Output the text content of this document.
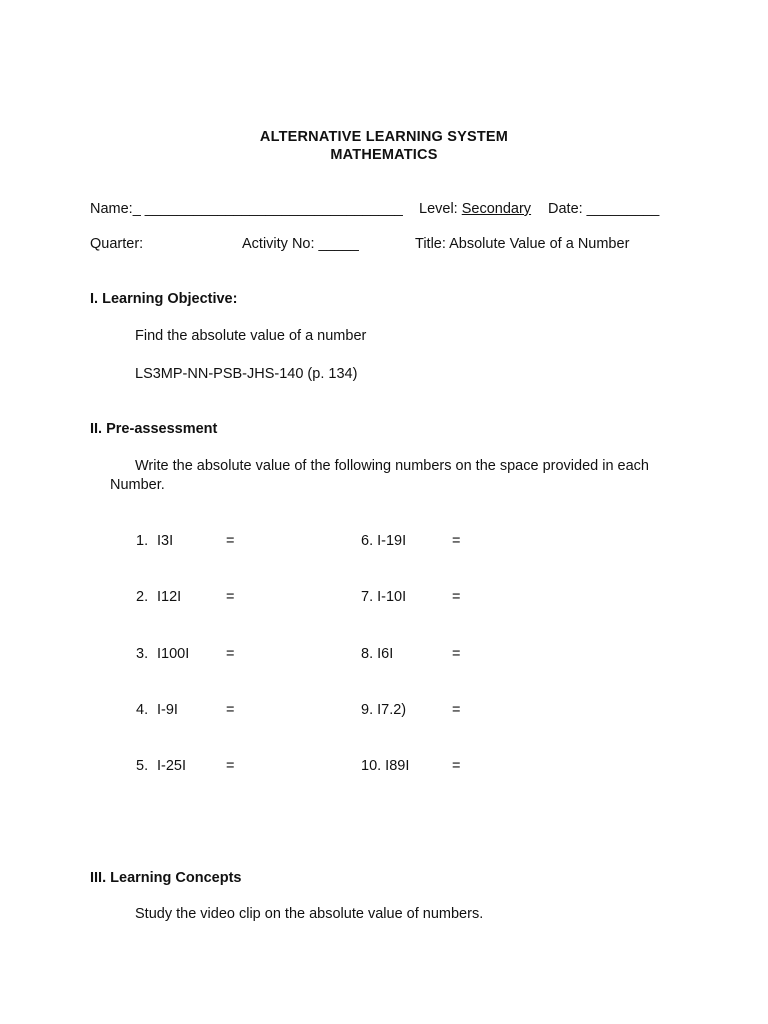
ALTERNATIVE LEARNING SYSTEM
MATHEMATICS
Name:_ ________________________________ Level: Secondary Date: _________
Quarter:	Activity No: _____	Title: Absolute Value of a Number
I. Learning Objective:
Find the absolute value of a number
LS3MP-NN-PSB-JHS-140 (p. 134)
II. Pre-assessment
Write the absolute value of the following numbers on the space provided in each
Number.
1. I3I	=
2. I12I	=
3. I100I	=
4. I-9I	=
5. I-25I	=
6. I-19I	=
7. I-10I	=
8. I6I	=
9. I7.2)	=
10. I89I	=
III. Learning Concepts
Study the video clip on the absolute value of numbers.
